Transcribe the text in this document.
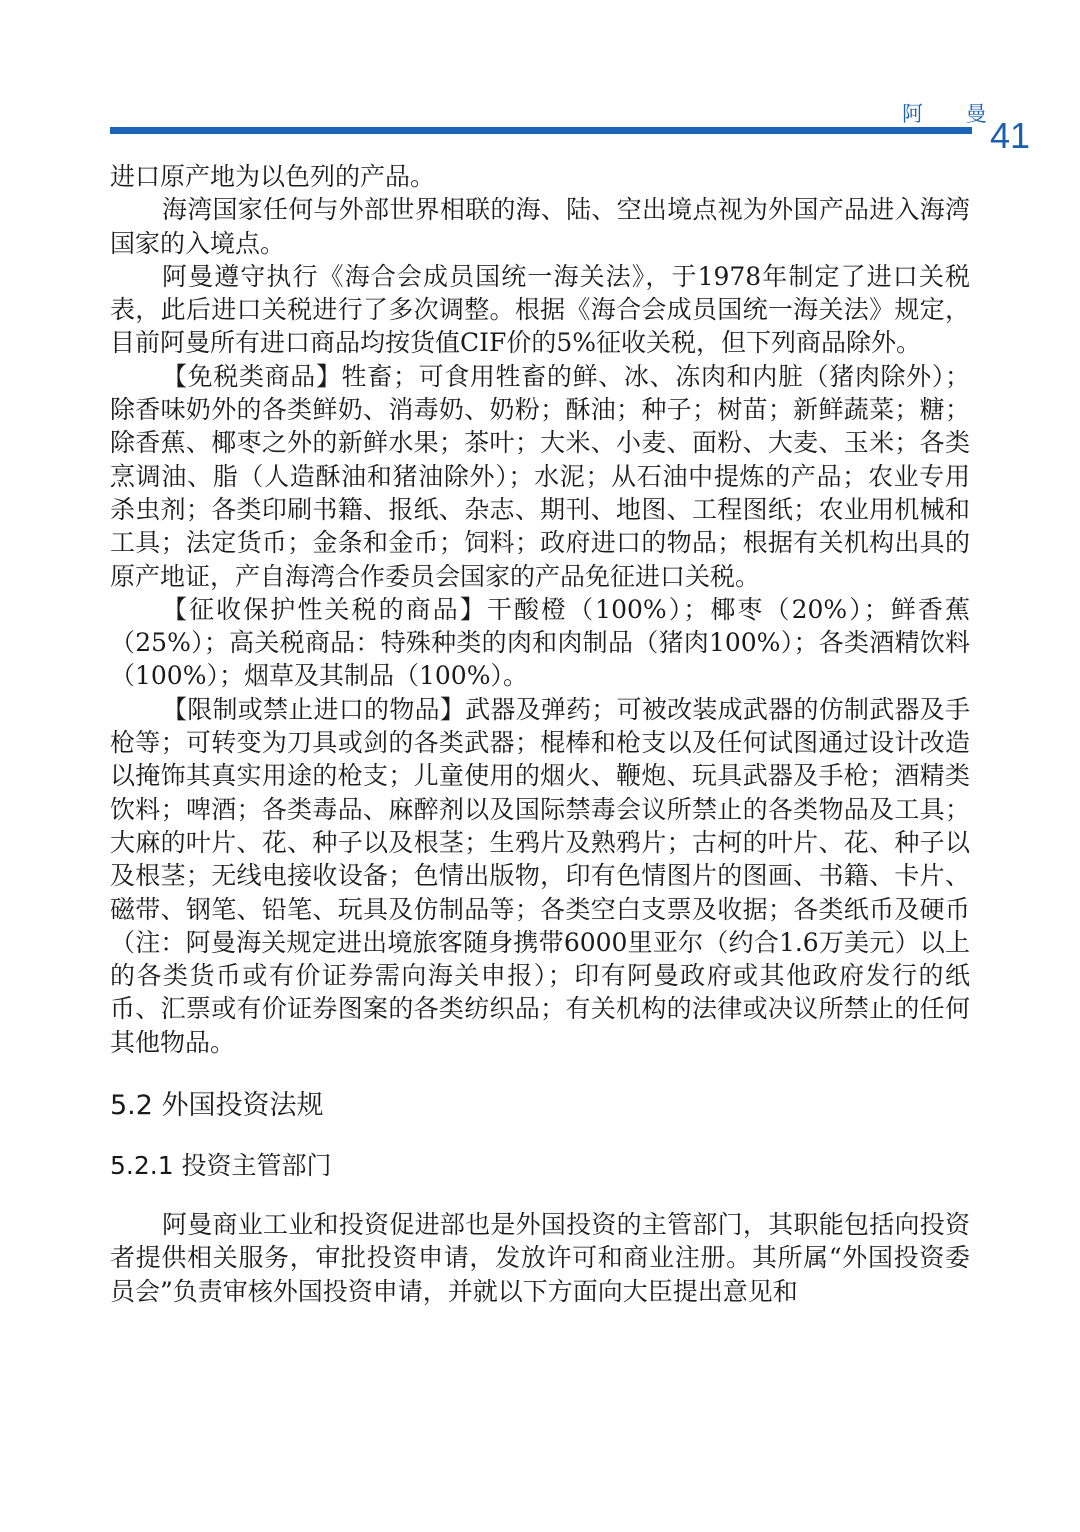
阿 曼
41

进口原产地为以色列的产品。

海湾国家任何与外部世界相联的海、陆、空出境点视为外国产品进入海湾国家的入境点。

阿曼遵守执行《海合会成员国统一海关法》，于1978年制定了进口关税表，此后进口关税进行了多次调整。根据《海合会成员国统一海关法》规定，目前阿曼所有进口商品均按货值CIF价的5%征收关税，但下列商品除外。

【免税类商品】牲畜；可食用牲畜的鲜、冰、冻肉和内脏（猪肉除外）；除香味奶外的各类鲜奶、消毒奶、奶粉；酥油；种子；树苗；新鲜蔬菜；糖；除香蕉、椰枣之外的新鲜水果；茶叶；大米、小麦、面粉、大麦、玉米；各类烹调油、脂（人造酥油和猪油除外）；水泥；从石油中提炼的产品；农业专用杀虫剂；各类印刷书籍、报纸、杂志、期刊、地图、工程图纸；农业用机械和工具；法定货币；金条和金币；饲料；政府进口的物品；根据有关机构出具的原产地证，产自海湾合作委员会国家的产品免征进口关税。

【征收保护性关税的商品】干酸橙（100%）；椰枣（20%）；鲜香蕉（25%）；高关税商品：特殊种类的肉和肉制品（猪肉100%）；各类酒精饮料（100%）；烟草及其制品（100%）。

【限制或禁止进口的物品】武器及弹药；可被改装成武器的仿制武器及手枪等；可转变为刀具或剑的各类武器；棍棒和枪支以及任何试图通过设计改造以掩饰其真实用途的枪支；儿童使用的烟火、鞭炮、玩具武器及手枪；酒精类饮料；啤酒；各类毒品、麻醉剂以及国际禁毒会议所禁止的各类物品及工具；大麻的叶片、花、种子以及根茎；生鸦片及熟鸦片；古柯的叶片、花、种子以及根茎；无线电接收设备；色情出版物，印有色情图片的图画、书籍、卡片、磁带、钢笔、铅笔、玩具及仿制品等；各类空白支票及收据；各类纸币及硬币（注：阿曼海关规定进出境旅客随身携带6000里亚尔（约合1.6万美元）以上的各类货币或有价证券需向海关申报）；印有阿曼政府或其他政府发行的纸币、汇票或有价证券图案的各类纺织品；有关机构的法律或决议所禁止的任何其他物品。

5.2 外国投资法规
5.2.1 投资主管部门

阿曼商业工业和投资促进部也是外国投资的主管部门，其职能包括向投资者提供相关服务，审批投资申请，发放许可和商业注册。其所属“外国投资委员会”负责审核外国投资申请，并就以下方面向大臣提出意见和
